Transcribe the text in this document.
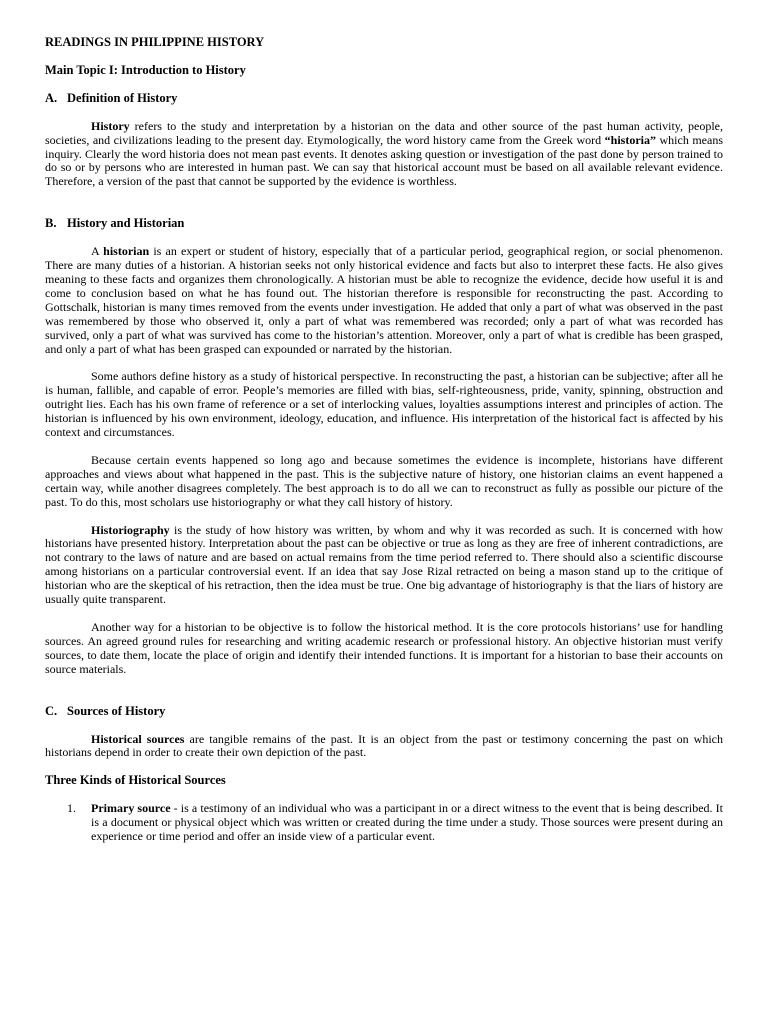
READINGS IN PHILIPPINE HISTORY
Main Topic I: Introduction to History
A. Definition of History

History refers to the study and interpretation by a historian on the data and other source of the past human activity, people, societies, and civilizations leading to the present day. Etymologically, the word history came from the Greek word “historia” which means inquiry. Clearly the word historia does not mean past events. It denotes asking question or investigation of the past done by person trained to do so or by persons who are interested in human past. We can say that historical account must be based on all available relevant evidence. Therefore, a version of the past that cannot be supported by the evidence is worthless.

B. History and Historian

A historian is an expert or student of history, especially that of a particular period, geographical region, or social phenomenon. There are many duties of a historian. A historian seeks not only historical evidence and facts but also to interpret these facts. He also gives meaning to these facts and organizes them chronologically. A historian must be able to recognize the evidence, decide how useful it is and come to conclusion based on what he has found out. The historian therefore is responsible for reconstructing the past. According to Gottschalk, historian is many times removed from the events under investigation. He added that only a part of what was observed in the past was remembered by those who observed it, only a part of what was remembered was recorded; only a part of what was recorded has survived, only a part of what was survived has come to the historian’s attention. Moreover, only a part of what is credible has been grasped, and only a part of what has been grasped can expounded or narrated by the historian.

Some authors define history as a study of historical perspective. In reconstructing the past, a historian can be subjective; after all he is human, fallible, and capable of error. People’s memories are filled with bias, self-righteousness, pride, vanity, spinning, obstruction and outright lies. Each has his own frame of reference or a set of interlocking values, loyalties assumptions interest and principles of action. The historian is influenced by his own environment, ideology, education, and influence. His interpretation of the historical fact is affected by his context and circumstances.

Because certain events happened so long ago and because sometimes the evidence is incomplete, historians have different approaches and views about what happened in the past. This is the subjective nature of history, one historian claims an event happened a certain way, while another disagrees completely. The best approach is to do all we can to reconstruct as fully as possible our picture of the past. To do this, most scholars use historiography or what they call history of history.

Historiography is the study of how history was written, by whom and why it was recorded as such. It is concerned with how historians have presented history. Interpretation about the past can be objective or true as long as they are free of inherent contradictions, are not contrary to the laws of nature and are based on actual remains from the time period referred to. There should also a scientific discourse among historians on a particular controversial event. If an idea that say Jose Rizal retracted on being a mason stand up to the critique of historian who are the skeptical of his retraction, then the idea must be true. One big advantage of historiography is that the liars of history are usually quite transparent.

Another way for a historian to be objective is to follow the historical method. It is the core protocols historians’ use for handling sources. An agreed ground rules for researching and writing academic research or professional history. An objective historian must verify sources, to date them, locate the place of origin and identify their intended functions. It is important for a historian to base their accounts on source materials.

C. Sources of History

Historical sources are tangible remains of the past. It is an object from the past or testimony concerning the past on which historians depend in order to create their own depiction of the past.

Three Kinds of Historical Sources
1. Primary source - is a testimony of an individual who was a participant in or a direct witness to the event that is being described. It is a document or physical object which was written or created during the time under a study. Those sources were present during an experience or time period and offer an inside view of a particular event.
